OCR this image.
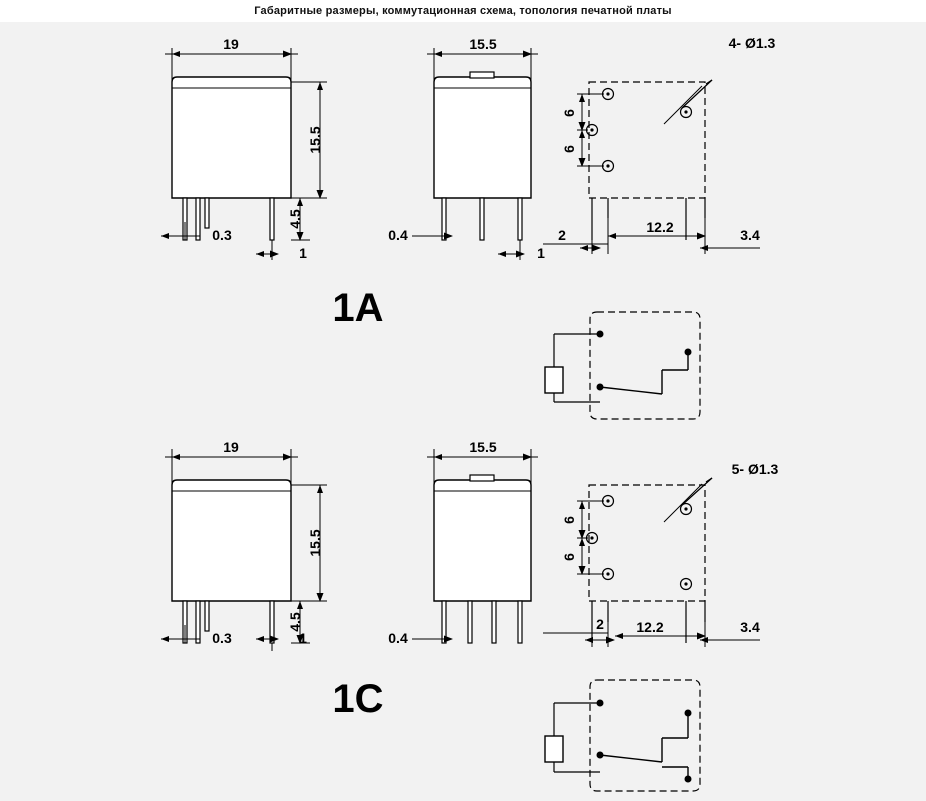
Габаритные размеры, коммутационная схема, топология печатной платы
19
15.5
4.5
0.3
1
15.5
0.4
1
4- Ø1.3
6
6
2	12.2	3.4
1A
19
15.5
4.5
0.3	1
15.5
0.4
5- Ø1.3
6
6
2 12.2	3.4
1C
